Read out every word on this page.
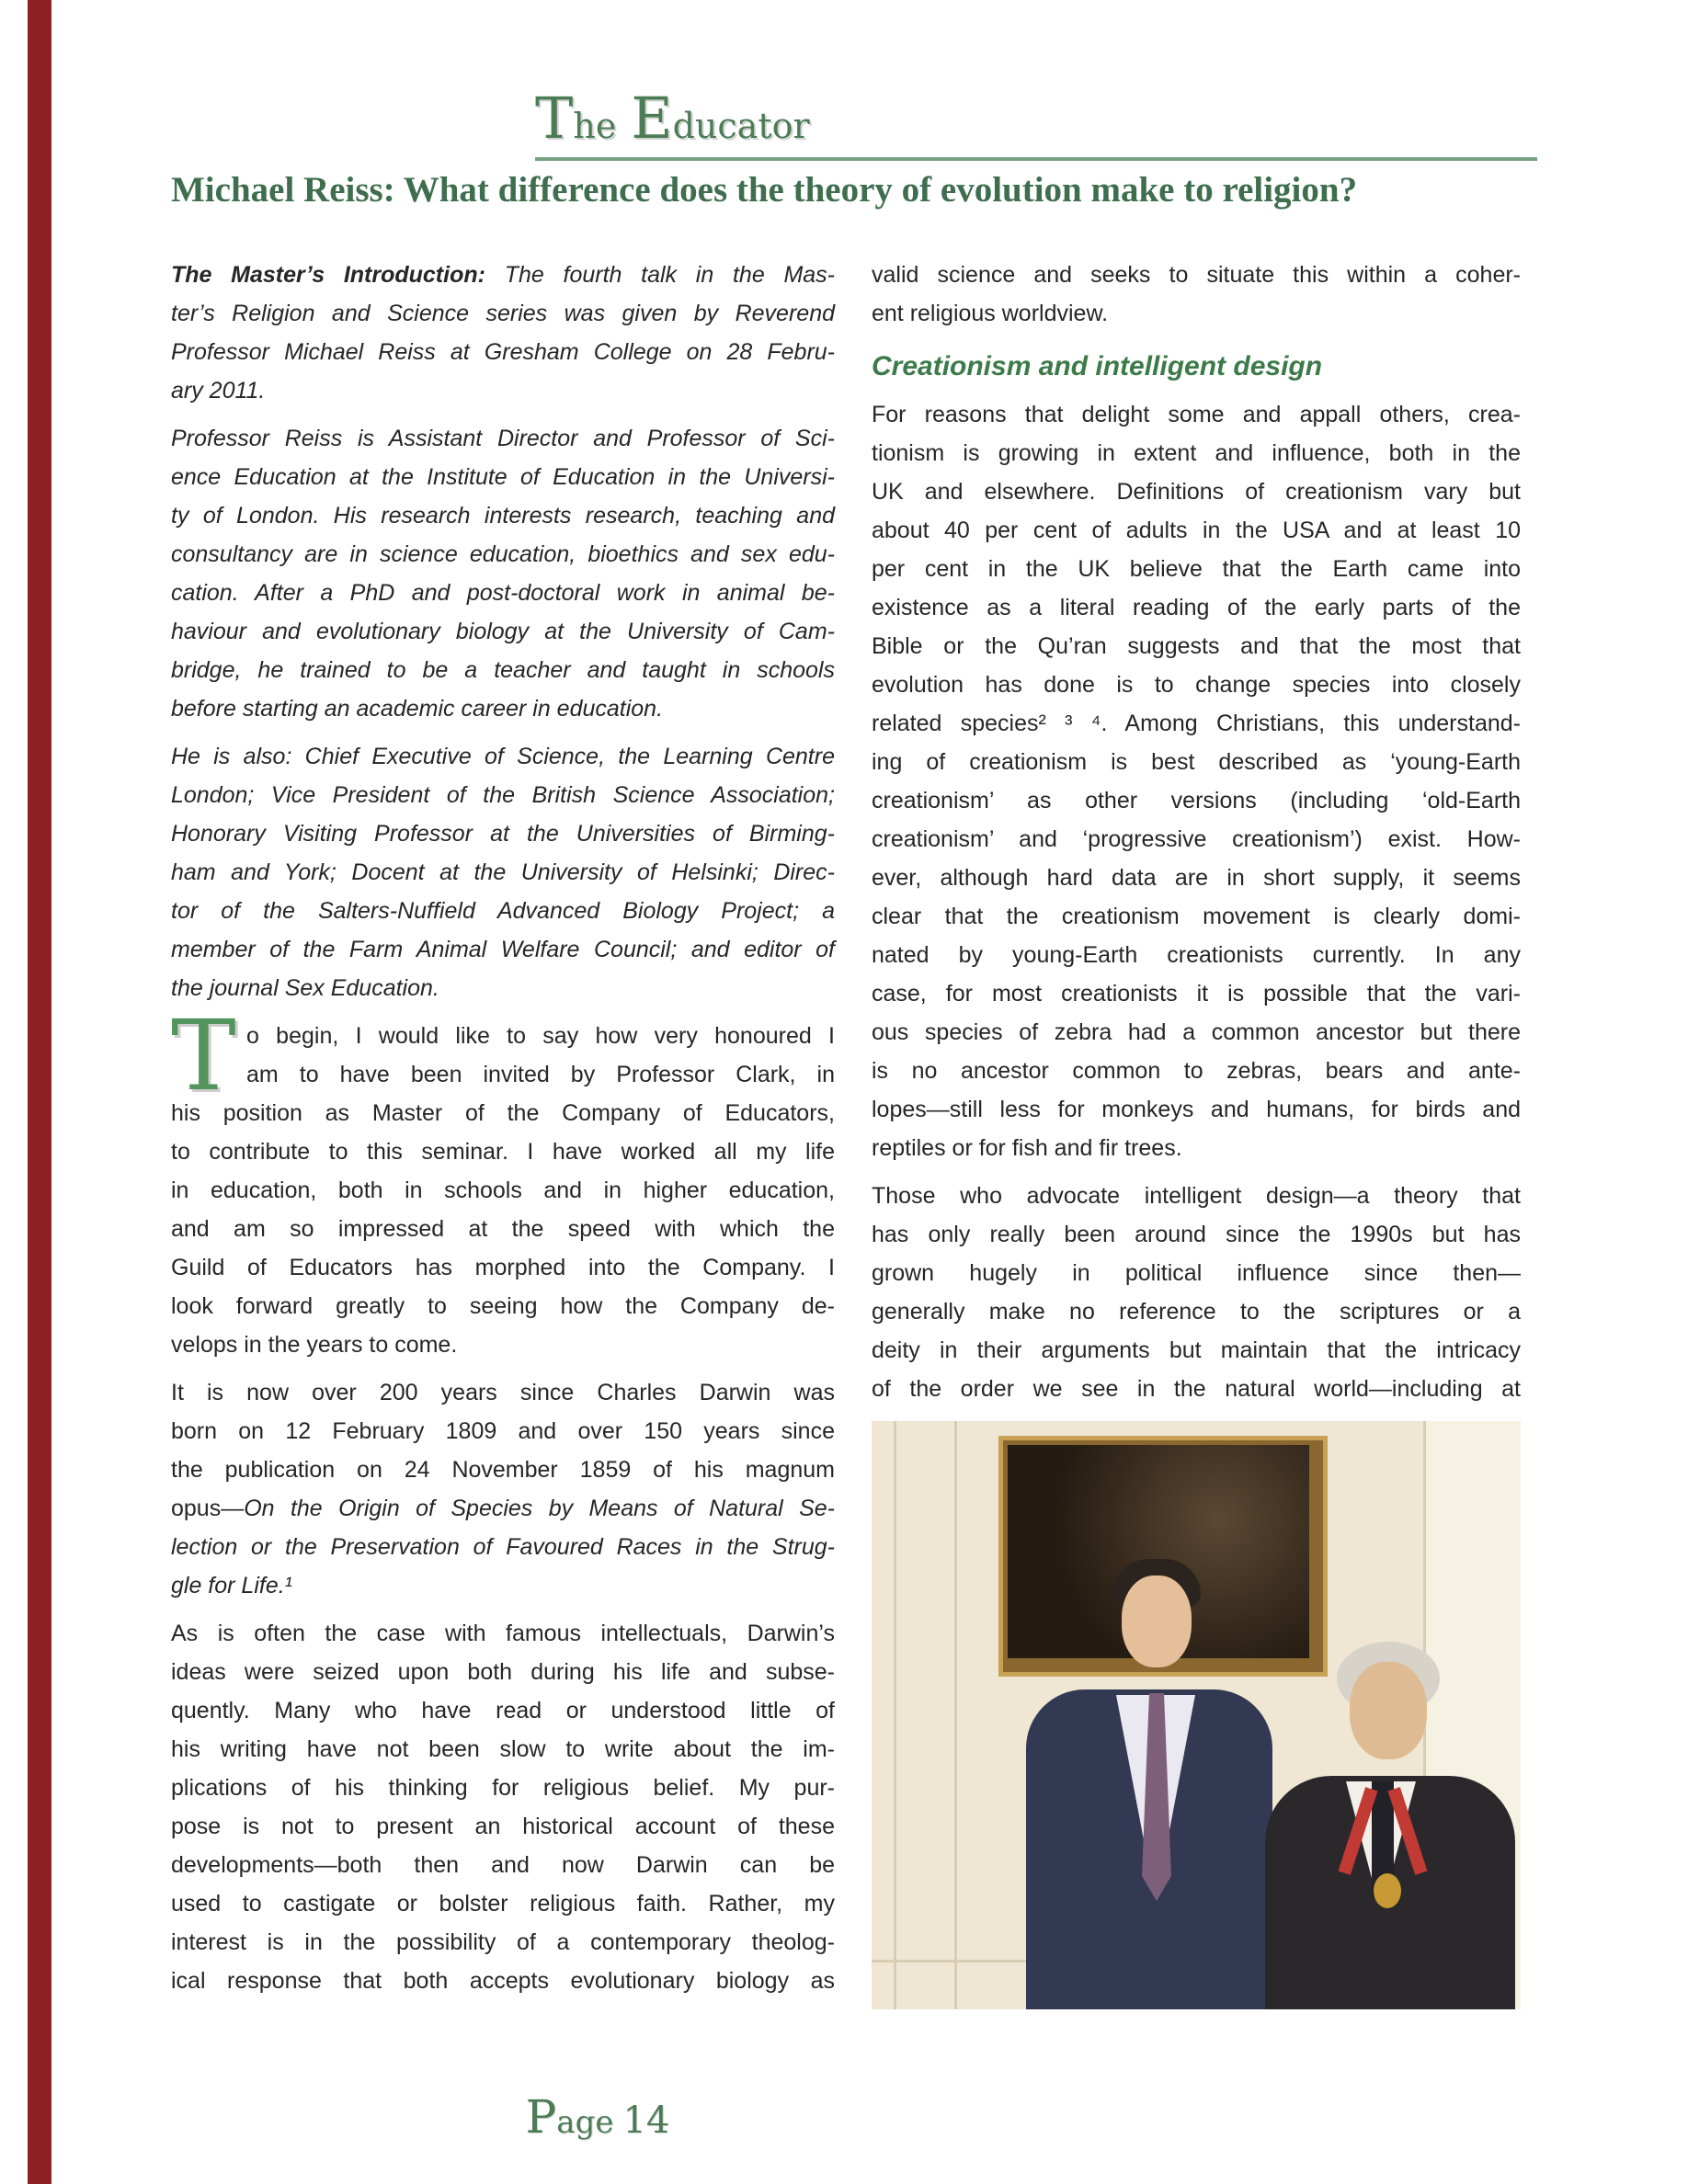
T he E ducator
Michael Reiss: What difference does the theory of evolution make to religion?
The Master’s Introduction: The fourth talk in the Mas-
ter’s Religion and Science series was given by Reverend
Professor Michael Reiss at Gresham College on 28 Febru-
ary 2011.
Professor Reiss is Assistant Director and Professor of Sci-
ence Education at the Institute of Education in the Universi-
ty of London. His research interests research, teaching and
consultancy are in science education, bioethics and sex edu-
cation. After a PhD and post-doctoral work in animal be-
haviour and evolutionary biology at the University of Cam-
bridge, he trained to be a teacher and taught in schools
before starting an academic career in education.
He is also: Chief Executive of Science, the Learning Centre
London; Vice President of the British Science Association;
Honorary Visiting Professor at the Universities of Birming-
ham and York; Docent at the University of Helsinki; Direc-
tor of the Salters-Nuffield Advanced Biology Project; a
member of the Farm Animal Welfare Council; and editor of
the journal Sex Education.
T o begin, I would like to say how very honoured I
am to have been invited by Professor Clark, in
his position as Master of the Company of Educators,
to contribute to this seminar. I have worked all my life
in education, both in schools and in higher education,
and am so impressed at the speed with which the
Guild of Educators has morphed into the Company. I
look forward greatly to seeing how the Company de-
velops in the years to come.
It is now over 200 years since Charles Darwin was
born on 12 February 1809 and over 150 years since
the publication on 24 November 1859 of his magnum
opus—On the Origin of Species by Means of Natural Se-
lection or the Preservation of Favoured Races in the Strug-
gle for Life.¹
As is often the case with famous intellectuals, Darwin’s
ideas were seized upon both during his life and subse-
quently. Many who have read or understood little of
his writing have not been slow to write about the im-
plications of his thinking for religious belief. My pur-
pose is not to present an historical account of these
developments—both then and now Darwin can be
used to castigate or bolster religious faith. Rather, my
interest is in the possibility of a contemporary theolog-
ical response that both accepts evolutionary biology as
valid science and seeks to situate this within a coher-
ent religious worldview.
Creationism and intelligent design
For reasons that delight some and appall others, crea-
tionism is growing in extent and influence, both in the
UK and elsewhere. Definitions of creationism vary but
about 40 per cent of adults in the USA and at least 10
per cent in the UK believe that the Earth came into
existence as a literal reading of the early parts of the
Bible or the Qu’ran suggests and that the most that
evolution has done is to change species into closely
related species² ³ ⁴. Among Christians, this understand-
ing of creationism is best described as ‘young-Earth
creationism’ as other versions (including ‘old-Earth
creationism’ and ‘progressive creationism’) exist. How-
ever, although hard data are in short supply, it seems
clear that the creationism movement is clearly domi-
nated by young-Earth creationists currently. In any
case, for most creationists it is possible that the vari-
ous species of zebra had a common ancestor but there
is no ancestor common to zebras, bears and ante-
lopes—still less for monkeys and humans, for birds and
reptiles or for fish and fir trees.
Those who advocate intelligent design—a theory that
has only really been around since the 1990s but has
grown hugely in political influence since then—
generally make no reference to the scriptures or a
deity in their arguments but maintain that the intricacy
of the order we see in the natural world—including at
P age 14
